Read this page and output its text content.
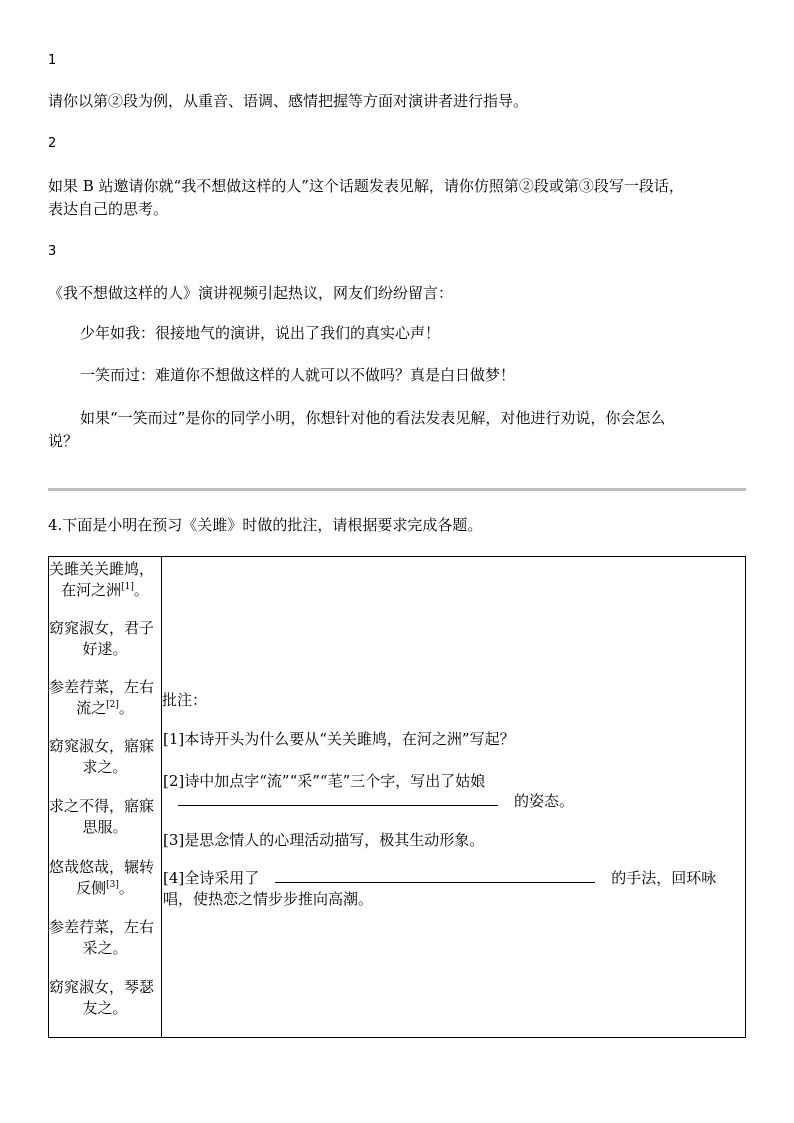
1
请你以第②段为例，从重音、语调、感情把握等方面对演讲者进行指导。
2
如果 B 站邀请你就“我不想做这样的人”这个话题发表见解，请你仿照第②段或第③段写一段话，
表达自己的思考。
3
《我不想做这样的人》演讲视频引起热议，网友们纷纷留言：
少年如我：很接地气的演讲，说出了我们的真实心声！
一笑而过：难道你不想做这样的人就可以不做吗？真是白日做梦！
如果“一笑而过”是你的同学小明，你想针对他的看法发表见解，对他进行劝说，你会怎么
说？
4.下面是小明在预习《关雎》时做的批注，请根据要求完成各题。
关雎关关雎鸠，
在河之洲[1]。
窈窕淑女，君子
好逑。
参差荇菜，左右
流之[2]。
窈窕淑女，寤寐
求之。
求之不得，寤寐
思服。
悠哉悠哉，辗转
反侧[3]。
参差荇菜，左右
采之。
窈窕淑女，琴瑟
友之。

批注：
[1]本诗开头为什么要从“关关雎鸠，在河之洲”写起？
[2]诗中加点字“流”“采”“芼”三个字，写出了姑娘
的姿态。
[3]是思念情人的心理活动描写，极其生动形象。
[4]全诗采用了	的手法，回环咏
唱，使热恋之情步步推向高潮。
